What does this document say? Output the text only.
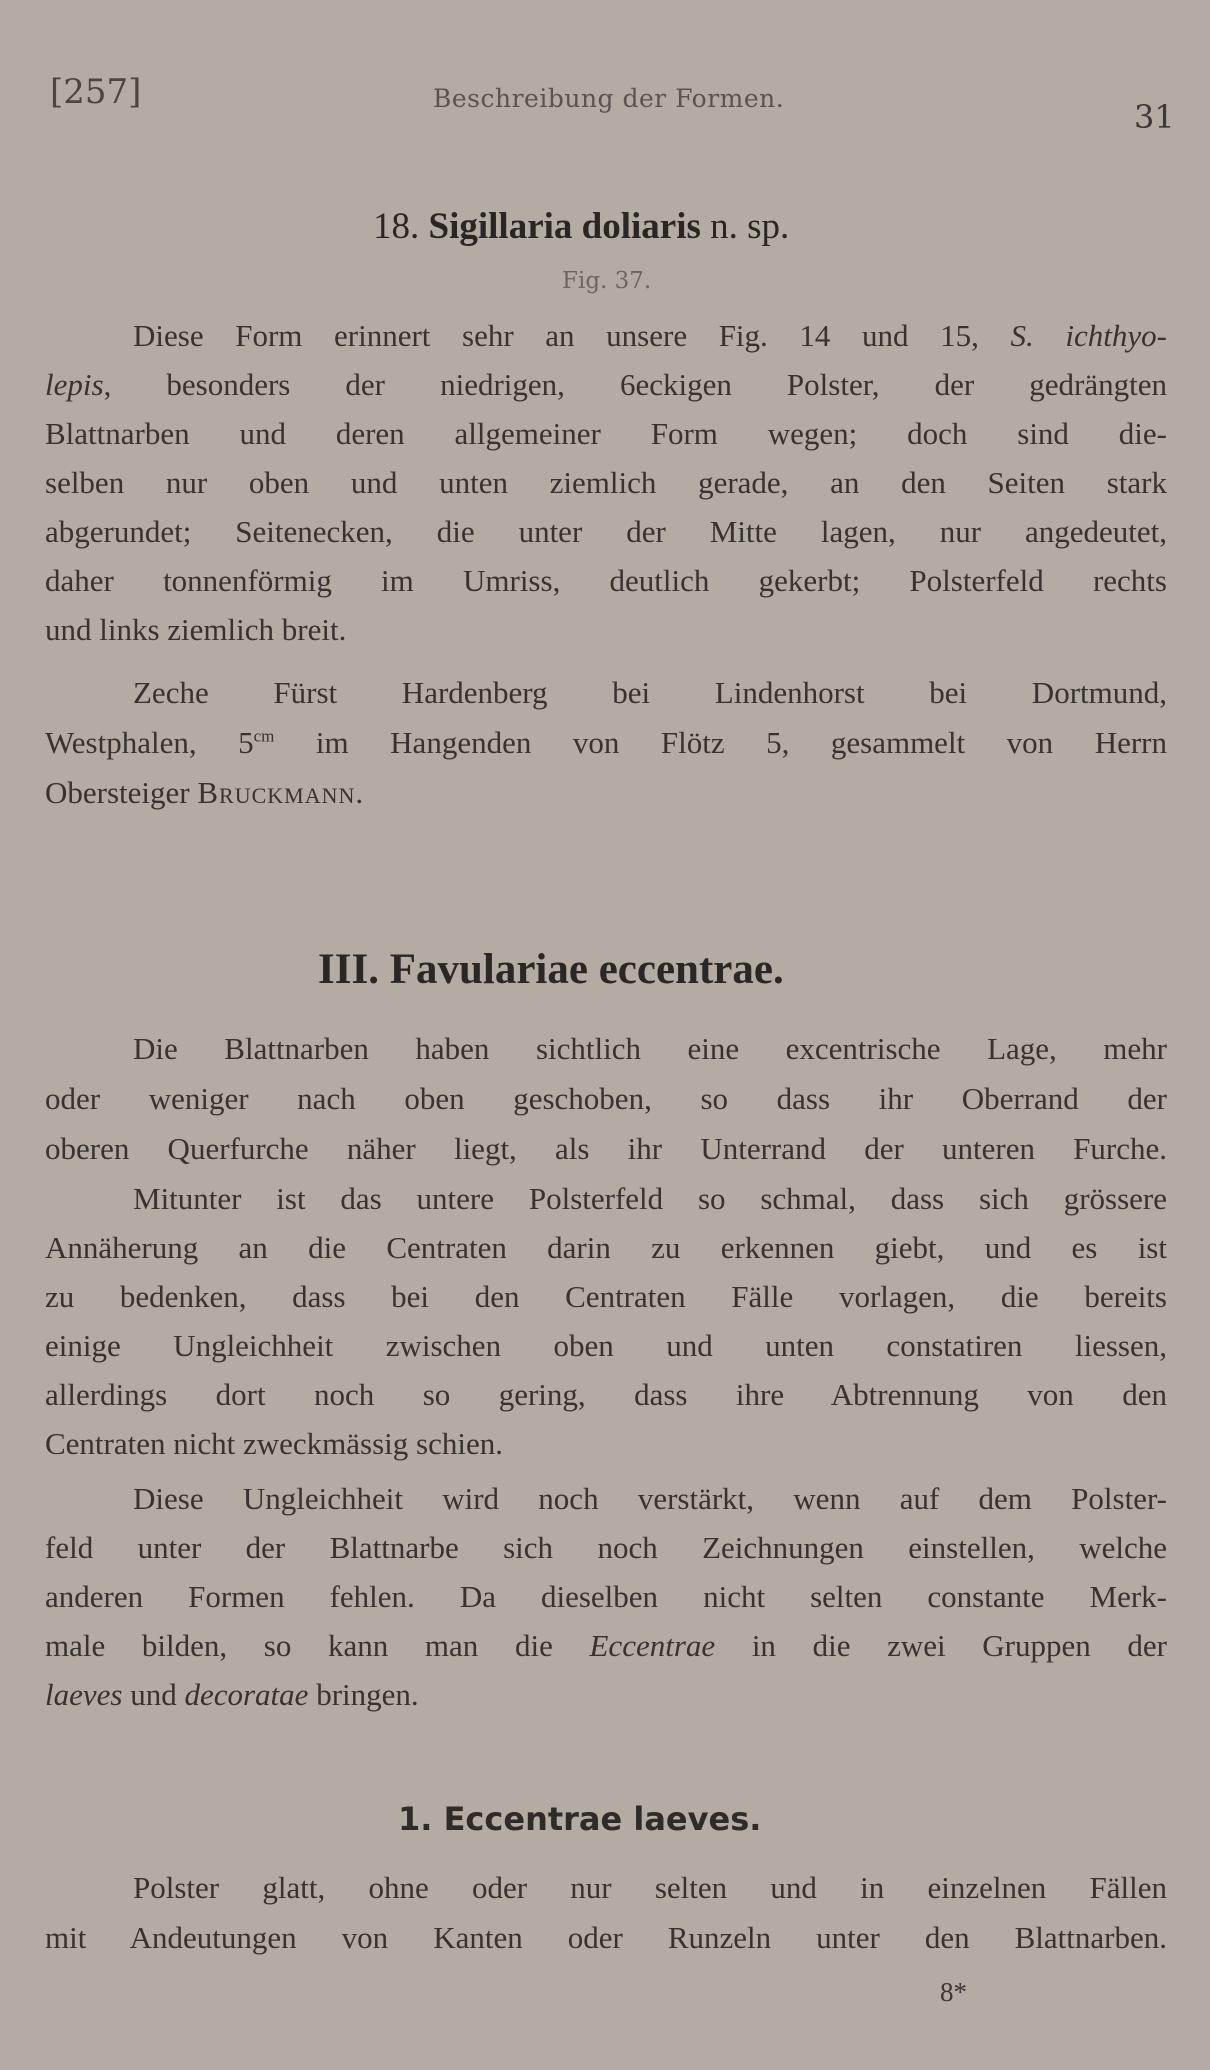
[257]	Beschreibung der Formen.	31
18. Sigillaria doliaris n. sp.
Fig. 37.
Diese Form erinnert sehr an unsere Fig. 14 und 15, S. ichthyo-
lepis, besonders der niedrigen, 6eckigen Polster, der gedrängten
Blattnarben und deren allgemeiner Form wegen; doch sind die-
selben nur oben und unten ziemlich gerade, an den Seiten stark
abgerundet; Seitenecken, die unter der Mitte lagen, nur angedeutet,
daher tonnenförmig im Umriss, deutlich gekerbt; Polsterfeld rechts
und links ziemlich breit.
Zeche Fürst Hardenberg bei Lindenhorst bei Dortmund,
Westphalen, $5^{cm}$ im Hangenden von Flötz 5, gesammelt von Herrn
Obersteiger Bruckmann.
III. Favulariae eccentrae.
Die Blattnarben haben sichtlich eine excentrische Lage, mehr
oder weniger nach oben geschoben, so dass ihr Oberrand der
oberen Querfurche näher liegt, als ihr Unterrand der unteren Furche.
Mitunter ist das untere Polsterfeld so schmal, dass sich grössere
Annäherung an die Centraten darin zu erkennen giebt, und es ist
zu bedenken, dass bei den Centraten Fälle vorlagen, die bereits
einige Ungleichheit zwischen oben und unten constatiren liessen,
allerdings dort noch so gering, dass ihre Abtrennung von den
Centraten nicht zweckmässig schien.
Diese Ungleichheit wird noch verstärkt, wenn auf dem Polster-
feld unter der Blattnarbe sich noch Zeichnungen einstellen, welche
anderen Formen fehlen. Da dieselben nicht selten constante Merk-
male bilden, so kann man die Eccentrae in die zwei Gruppen der
laeves und decoratae bringen.
1. Eccentrae laeves.
Polster glatt, ohne oder nur selten und in einzelnen Fällen
mit Andeutungen von Kanten oder Runzeln unter den Blattnarben.
8*
